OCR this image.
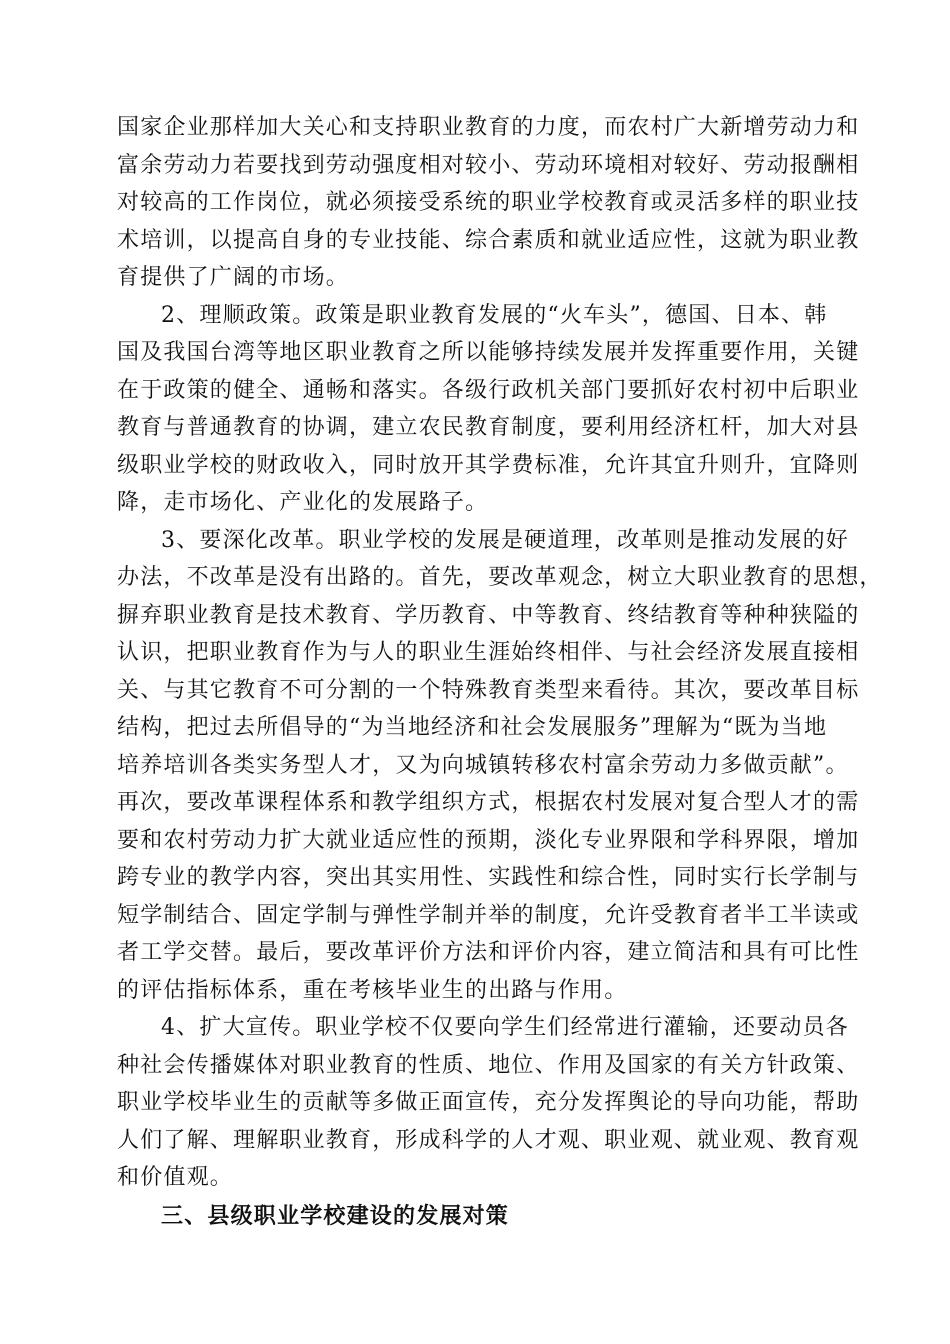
国家企业那样加大关心和支持职业教育的力度，而农村广大新增劳动力和
富余劳动力若要找到劳动强度相对较小、劳动环境相对较好、劳动报酬相
对较高的工作岗位，就必须接受系统的职业学校教育或灵活多样的职业技
术培训，以提高自身的专业技能、综合素质和就业适应性，这就为职业教
育提供了广阔的市场。
2、理顺政策。政策是职业教育发展的“火车头”，德国、日本、韩
国及我国台湾等地区职业教育之所以能够持续发展并发挥重要作用，关键
在于政策的健全、通畅和落实。各级行政机关部门要抓好农村初中后职业
教育与普通教育的协调，建立农民教育制度，要利用经济杠杆，加大对县
级职业学校的财政收入，同时放开其学费标准，允许其宜升则升，宜降则
降，走市场化、产业化的发展路子。
3、要深化改革。职业学校的发展是硬道理，改革则是推动发展的好
办法，不改革是没有出路的。首先，要改革观念，树立大职业教育的思想，
摒弃职业教育是技术教育、学历教育、中等教育、终结教育等种种狭隘的
认识，把职业教育作为与人的职业生涯始终相伴、与社会经济发展直接相
关、与其它教育不可分割的一个特殊教育类型来看待。其次，要改革目标
结构，把过去所倡导的“为当地经济和社会发展服务”理解为“既为当地
培养培训各类实务型人才，又为向城镇转移农村富余劳动力多做贡献”。
再次，要改革课程体系和教学组织方式，根据农村发展对复合型人才的需
要和农村劳动力扩大就业适应性的预期，淡化专业界限和学科界限，增加
跨专业的教学内容，突出其实用性、实践性和综合性，同时实行长学制与
短学制结合、固定学制与弹性学制并举的制度，允许受教育者半工半读或
者工学交替。最后，要改革评价方法和评价内容，建立简洁和具有可比性
的评估指标体系，重在考核毕业生的出路与作用。
4、扩大宣传。职业学校不仅要向学生们经常进行灌输，还要动员各
种社会传播媒体对职业教育的性质、地位、作用及国家的有关方针政策、
职业学校毕业生的贡献等多做正面宣传，充分发挥舆论的导向功能，帮助
人们了解、理解职业教育，形成科学的人才观、职业观、就业观、教育观
和价值观。
三、县级职业学校建设的发展对策
